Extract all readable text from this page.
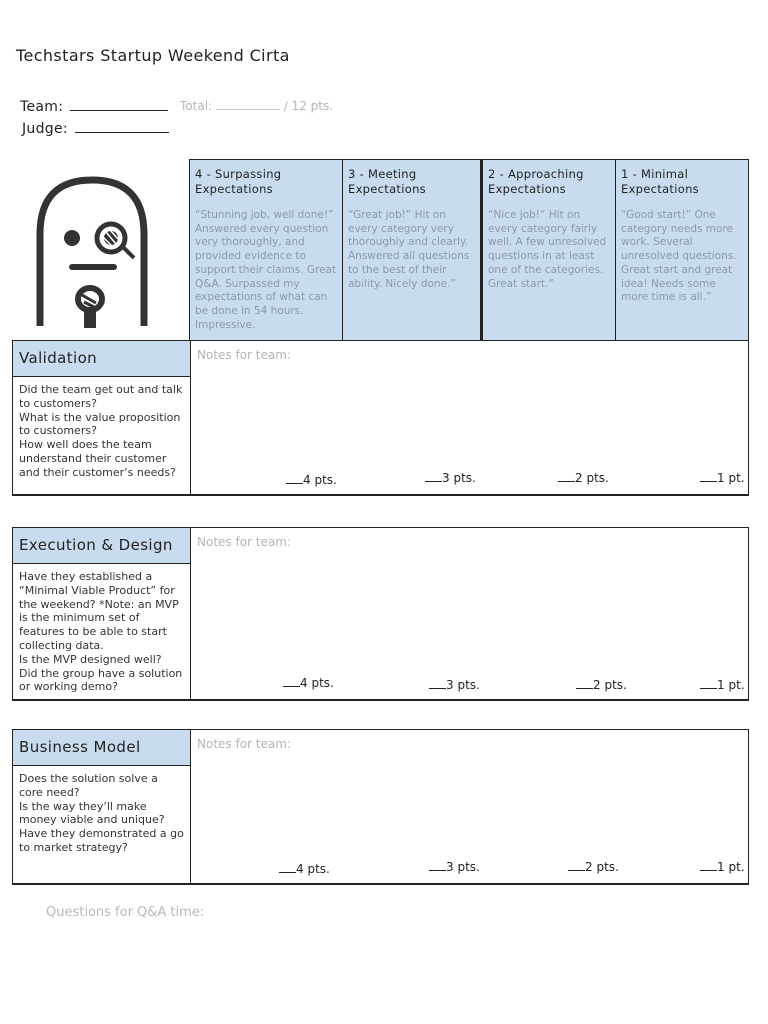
Techstars Startup Weekend Cirta
Team:
Judge:
Total:	/ 12 pts.
4 - Surpassing Expectations
“Stunning job, well done!” Answered every question very thoroughly, and provided evidence to support their claims. Great Q&A. Surpassed my expectations of what can be done in 54 hours. Impressive.
3 - Meeting Expectations
“Great job!” Hit on every category very thoroughly and clearly. Answered all questions to the best of their ability. Nicely done.”
2 - Approaching Expectations
“Nice job!” Hit on every category fairly well. A few unresolved questions in at least one of the categories. Great start.”
1 - Minimal Expectations
“Good start!” One category needs more work. Several unresolved questions. Great start and great idea! Needs some more time is all.”
Validation
Did the team get out and talk to customers?
What is the value proposition to customers?
How well does the team understand their customer and their customer’s needs?
Notes for team:
4 pts.	3 pts.	2 pts.	1 pt.
Execution & Design
Have they established a “Minimal Viable Product” for the weekend? *Note: an MVP is the minimum set of features to be able to start collecting data.
Is the MVP designed well?
Did the group have a solution or working demo?
Notes for team:
4 pts.	3 pts.	2 pts.	1 pt.
Business Model
Does the solution solve a core need?
Is the way they’ll make money viable and unique?
Have they demonstrated a go to market strategy?
Notes for team:
4 pts.	3 pts.	2 pts.	1 pt.
Questions for Q&A time:
